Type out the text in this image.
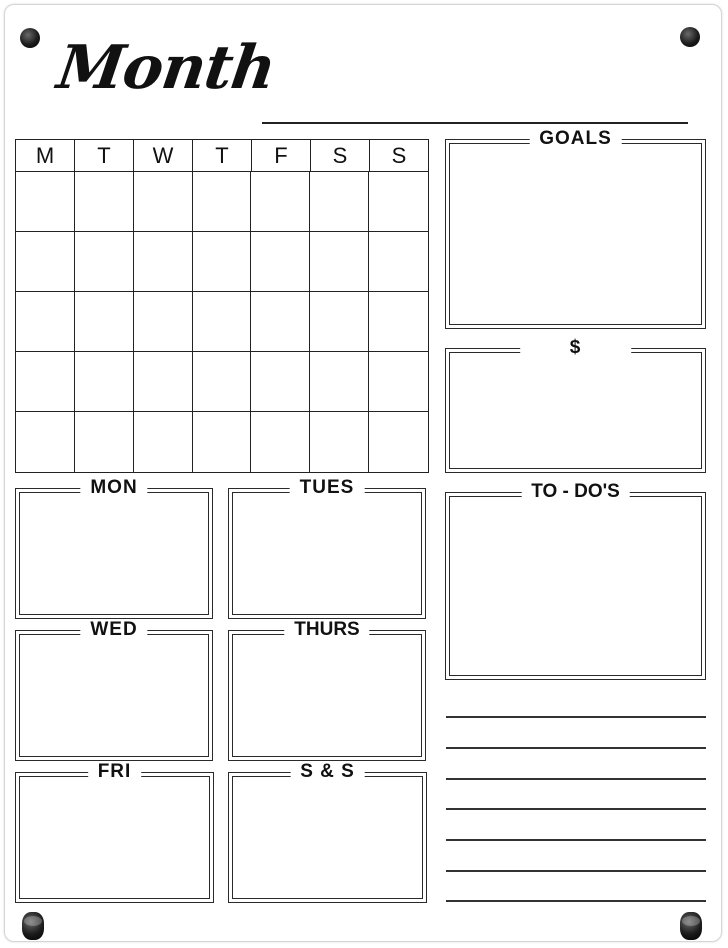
Month
M	T	W	T	F	S	S
GOALS
$
TO - DO'S
MON	TUES
WED	THURS
FRI	S & S
